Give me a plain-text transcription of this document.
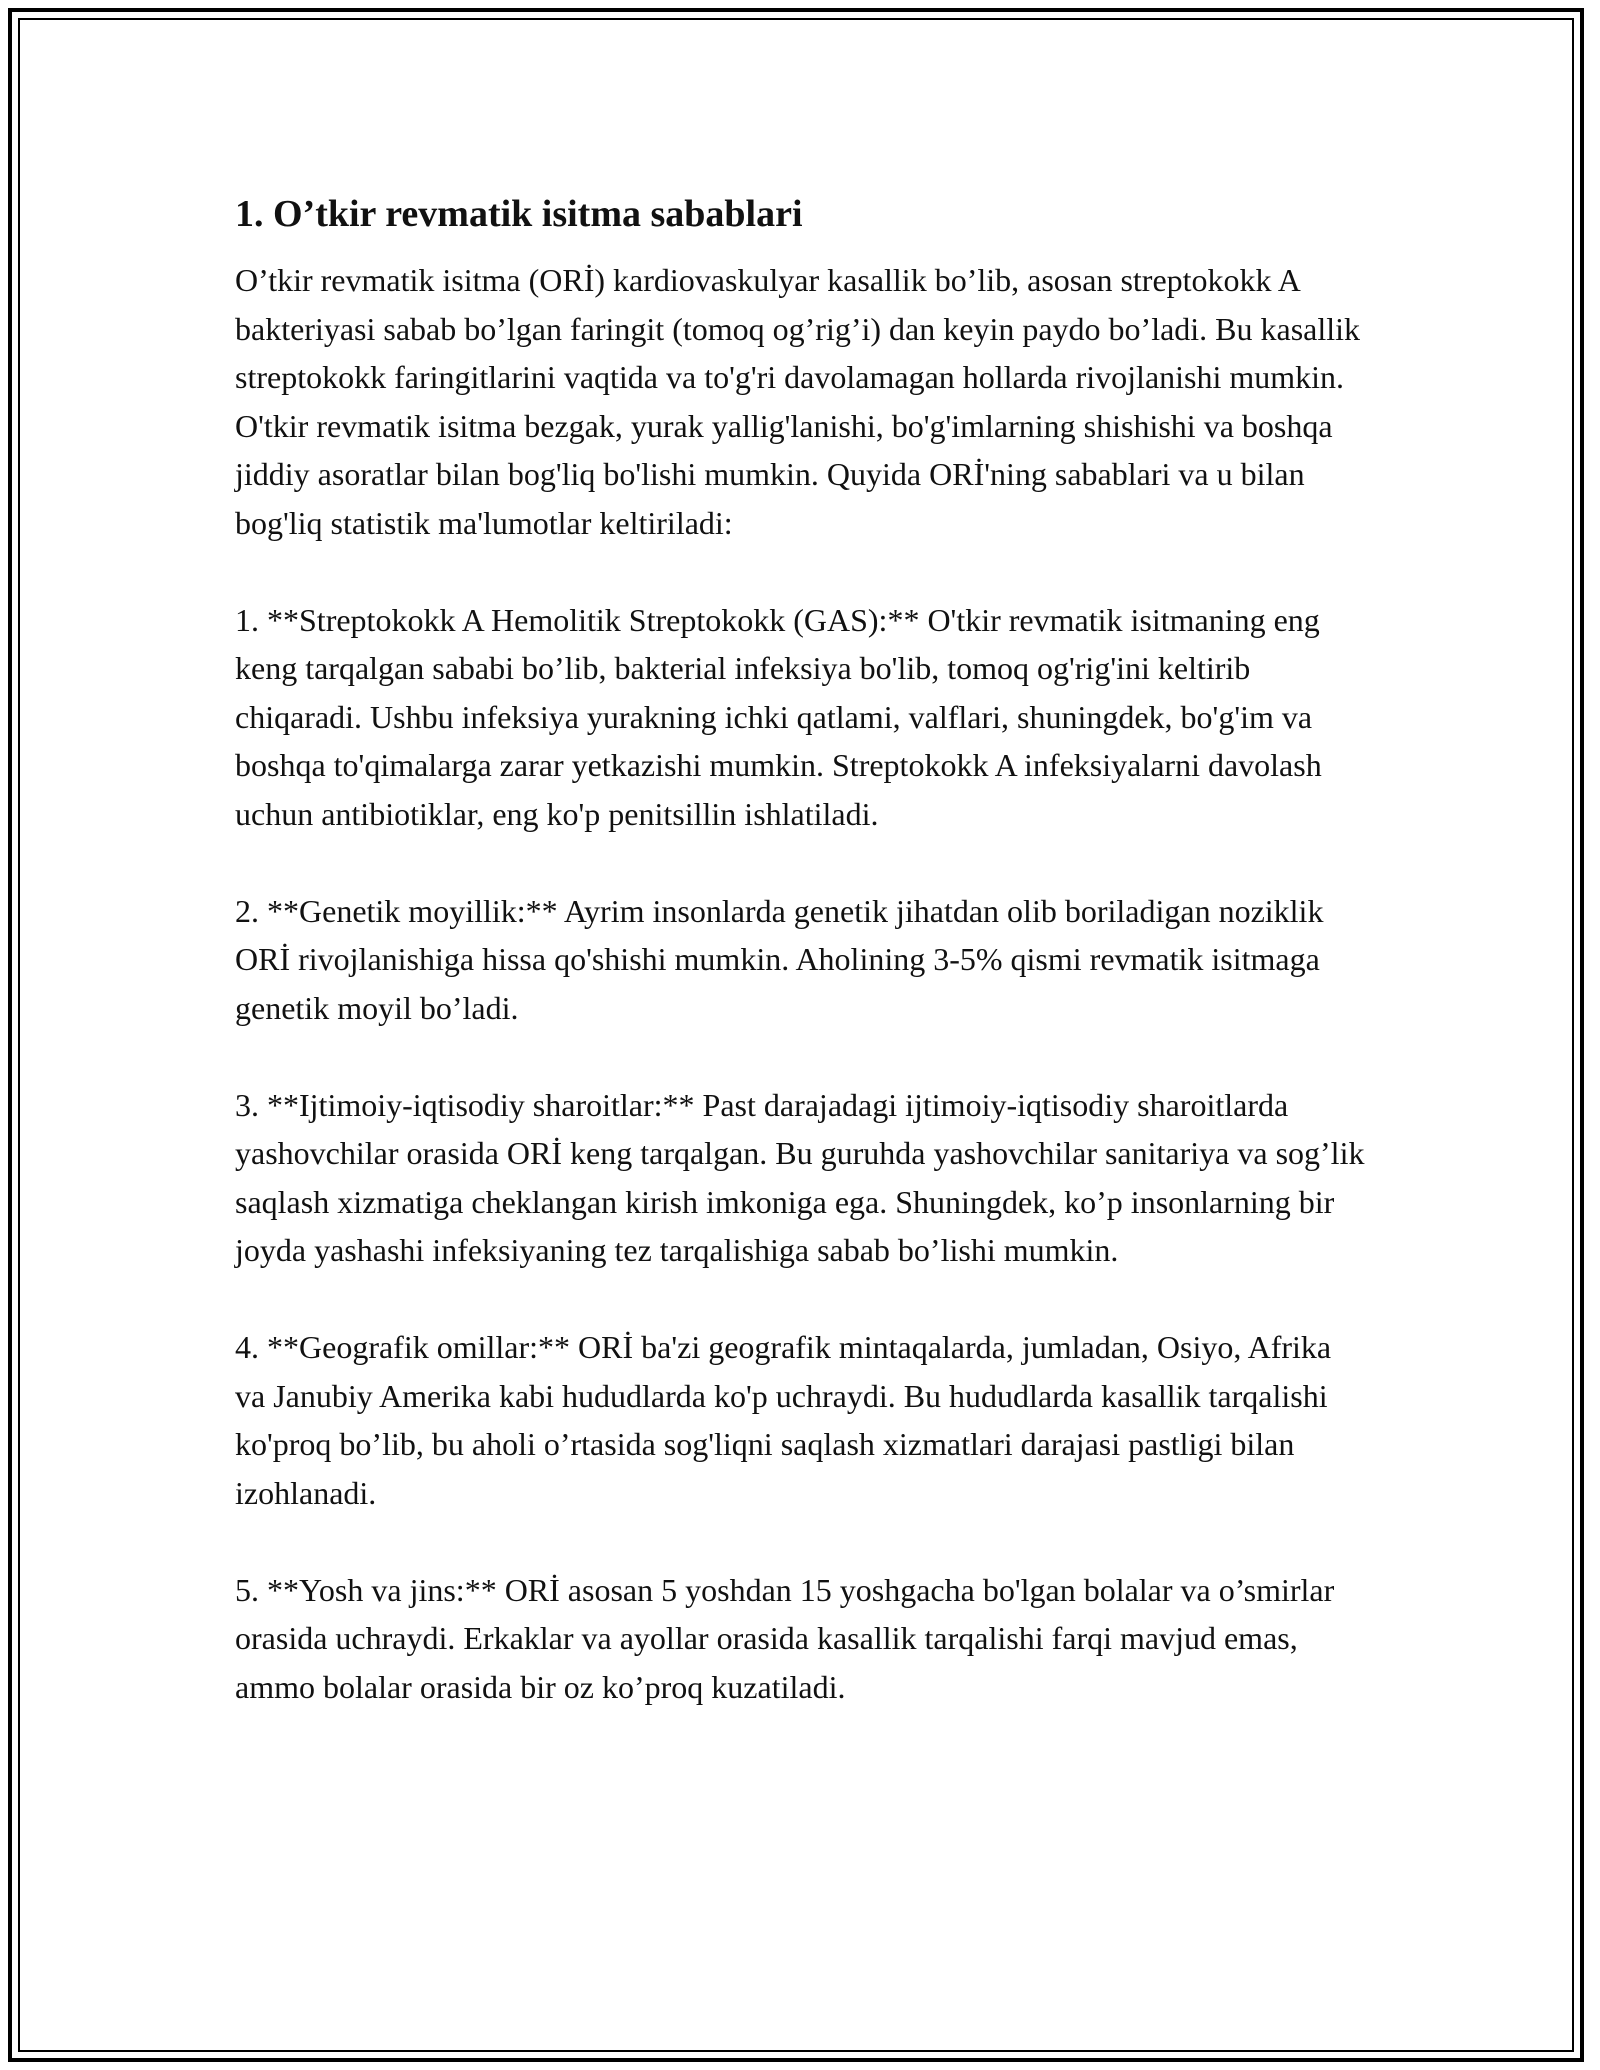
1. O’tkir revmatik isitma sabablari

O’tkir revmatik isitma (ORİ) kardiovaskulyar kasallik bo’lib, asosan streptokokk A bakteriyasi sabab bo’lgan faringit (tomoq og’rig’i) dan keyin paydo bo’ladi. Bu kasallik streptokokk faringitlarini vaqtida va to'g'ri davolamagan hollarda rivojlanishi mumkin. O'tkir revmatik isitma bezgak, yurak yallig'lanishi, bo'g'imlarning shishishi va boshqa jiddiy asoratlar bilan bog'liq bo'lishi mumkin. Quyida ORİ'ning sabablari va u bilan bog'liq statistik ma'lumotlar keltiriladi:

1. **Streptokokk A Hemolitik Streptokokk (GAS):** O'tkir revmatik isitmaning eng keng tarqalgan sababi bo’lib, bakterial infeksiya bo'lib, tomoq og'rig'ini keltirib chiqaradi. Ushbu infeksiya yurakning ichki qatlami, valflari, shuningdek, bo'g'im va boshqa to'qimalarga zarar yetkazishi mumkin. Streptokokk A infeksiyalarni davolash uchun antibiotiklar, eng ko'p penitsillin ishlatiladi.

2. **Genetik moyillik:** Ayrim insonlarda genetik jihatdan olib boriladigan noziklik ORİ rivojlanishiga hissa qo'shishi mumkin. Aholining 3-5% qismi revmatik isitmaga genetik moyil bo’ladi.

3. **Ijtimoiy-iqtisodiy sharoitlar:** Past darajadagi ijtimoiy-iqtisodiy sharoitlarda yashovchilar orasida ORİ keng tarqalgan. Bu guruhda yashovchilar sanitariya va sog’lik saqlash xizmatiga cheklangan kirish imkoniga ega. Shuningdek, ko’p insonlarning bir joyda yashashi infeksiyaning tez tarqalishiga sabab bo’lishi mumkin.

4. **Geografik omillar:** ORİ ba'zi geografik mintaqalarda, jumladan, Osiyo, Afrika va Janubiy Amerika kabi hududlarda ko'p uchraydi. Bu hududlarda kasallik tarqalishi ko'proq bo’lib, bu aholi o’rtasida sog'liqni saqlash xizmatlari darajasi pastligi bilan izohlanadi.

5. **Yosh va jins:** ORİ asosan 5 yoshdan 15 yoshgacha bo'lgan bolalar va o’smirlar orasida uchraydi. Erkaklar va ayollar orasida kasallik tarqalishi farqi mavjud emas, ammo bolalar orasida bir oz ko’proq kuzatiladi.
